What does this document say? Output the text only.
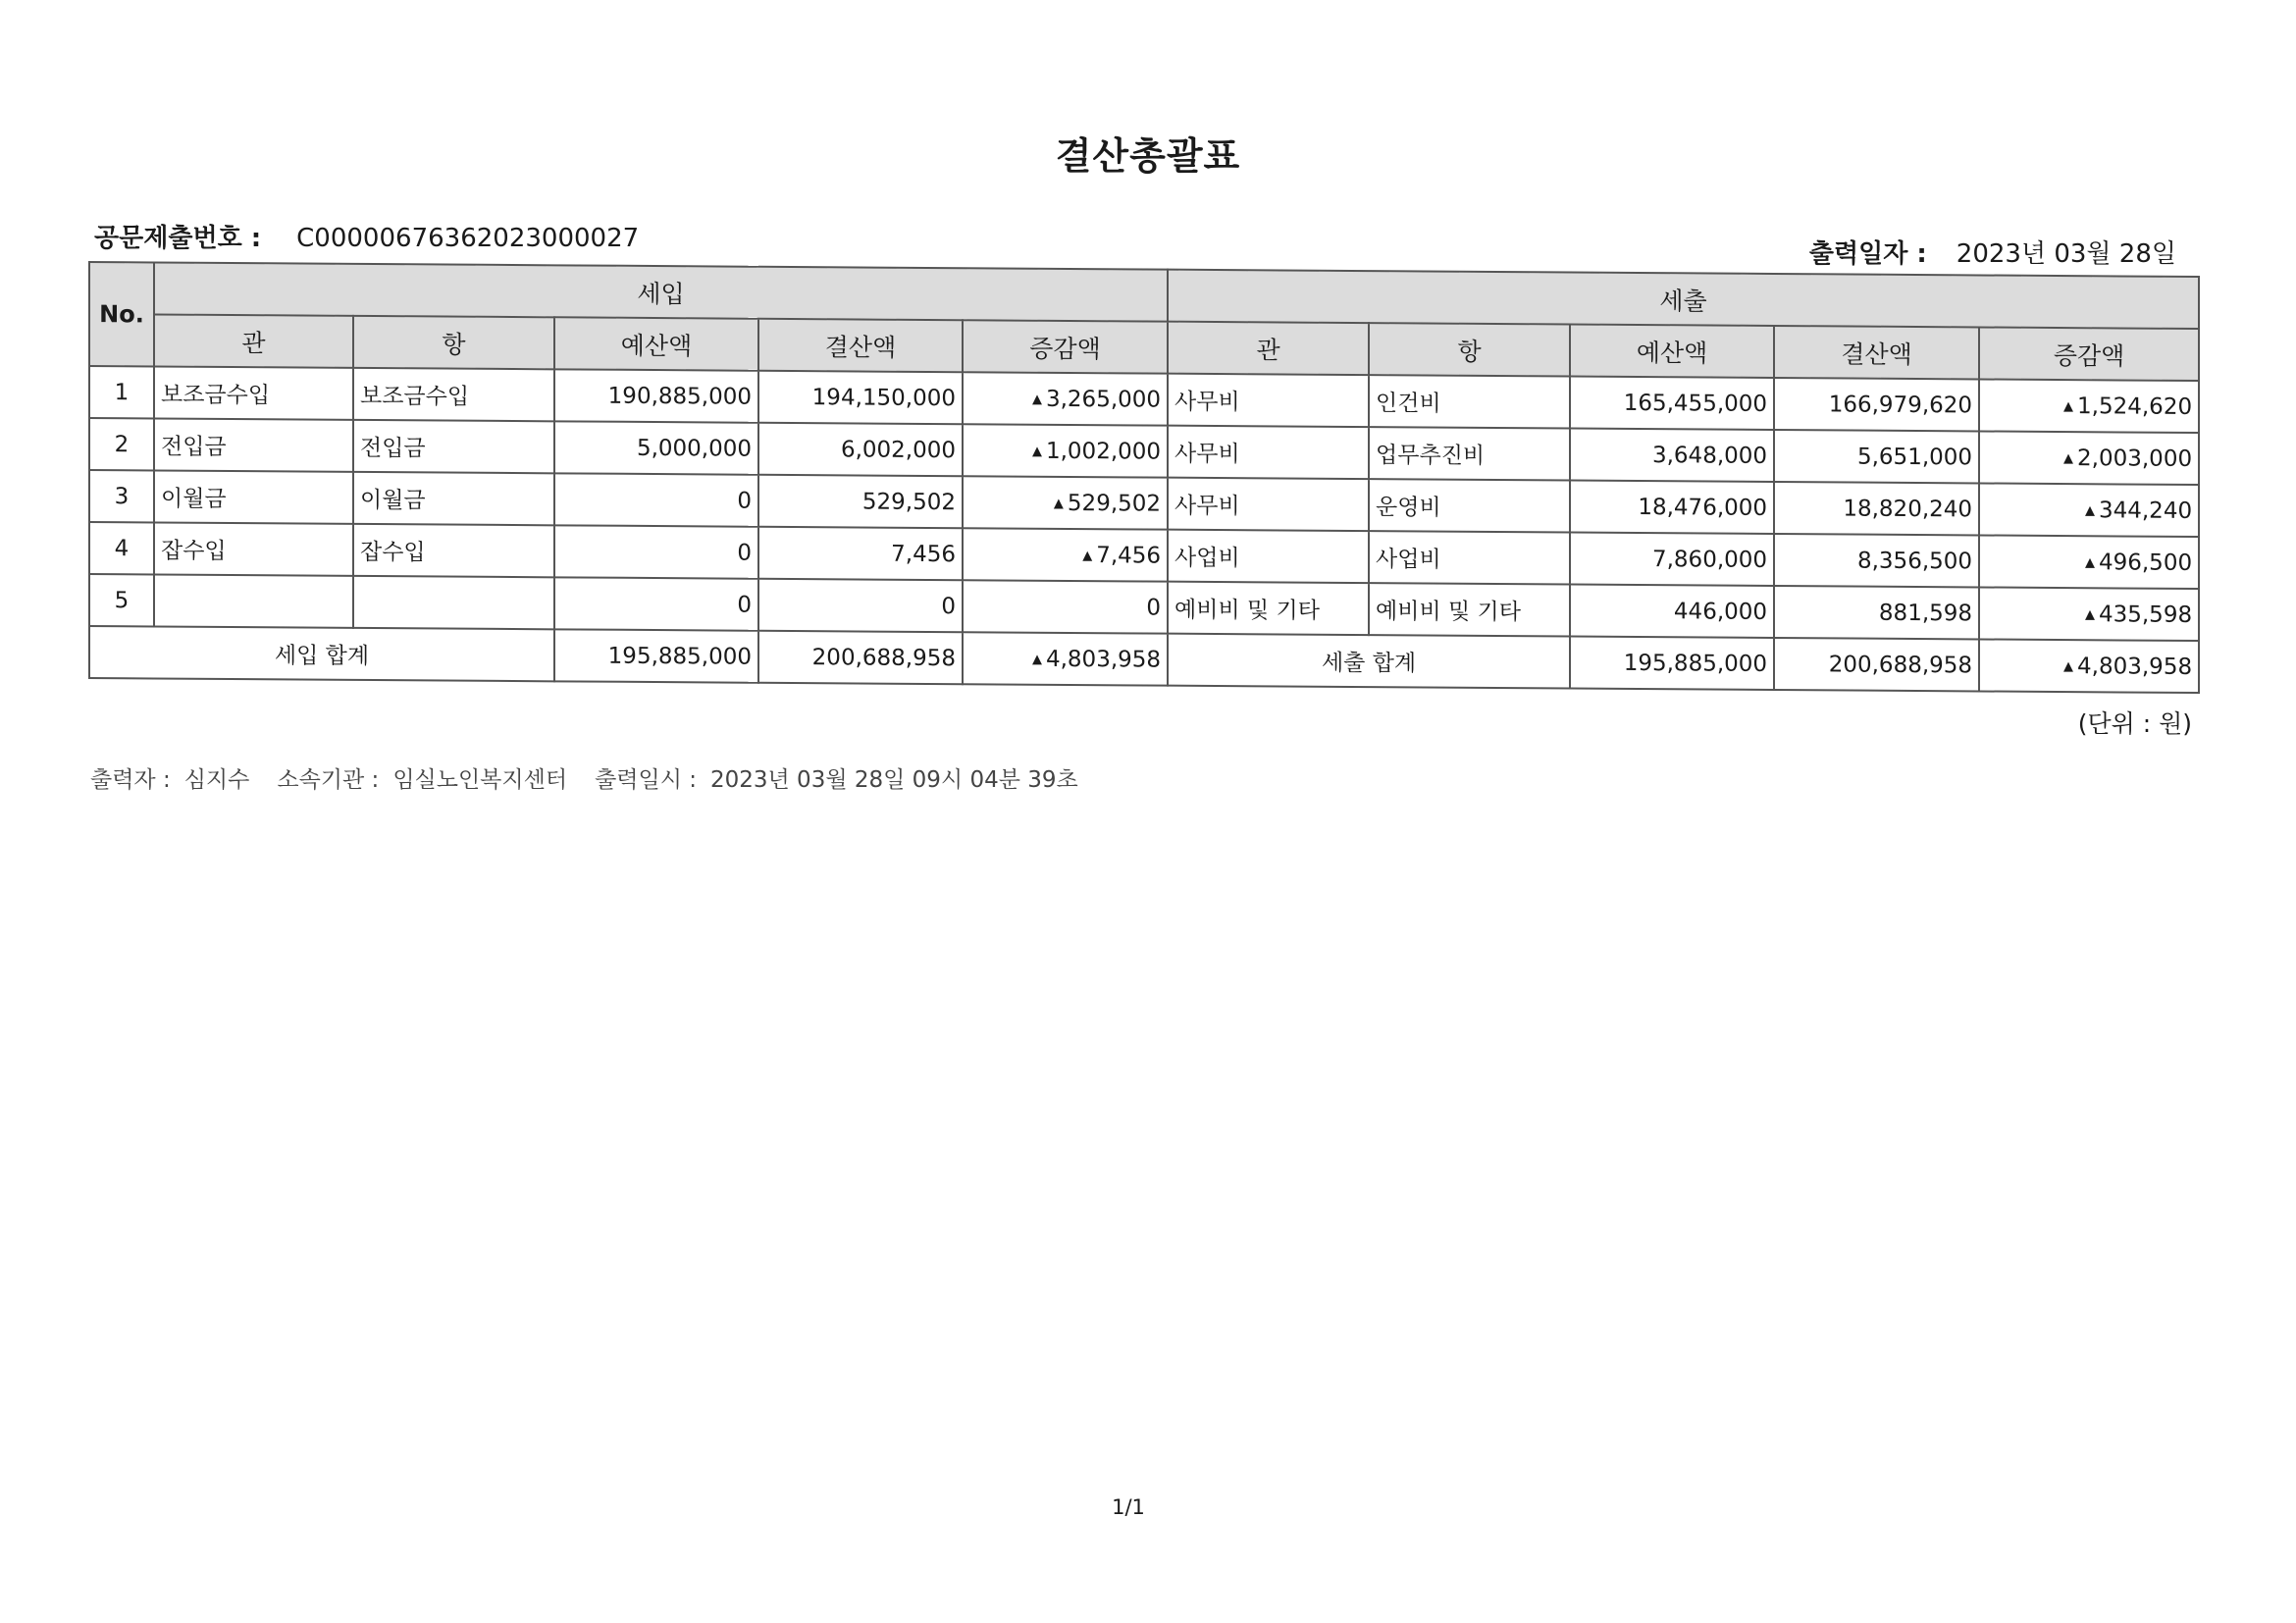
결산총괄표
공문제출번호 : C00000676362023000027
출력일자 : 2023년 03월 28일
No.	세입					세출				
	관	항	예산액	결산액	증감액	관	항	예산액	결산액	증감액
1	보조금수입	보조금수입	190,885,000	194,150,000	▲ 3,265,000	사무비	인건비	165,455,000	166,979,620	▲ 1,524,620
2	전입금	전입금	5,000,000	6,002,000	▲ 1,002,000	사무비	업무추진비	3,648,000	5,651,000	▲ 2,003,000
3	이월금	이월금	0	529,502	▲ 529,502	사무비	운영비	18,476,000	18,820,240	▲ 344,240
4	잡수입	잡수입	0	7,456	▲ 7,456	사업비	사업비	7,860,000	8,356,500	▲ 496,500
5			0	0	0	예비비 및 기타	예비비 및 기타	446,000	881,598	▲ 435,598
세입 합계			195,885,000	200,688,958	▲ 4,803,958	세출 합계		195,885,000	200,688,958	▲ 4,803,958
(단위 : 원)
출력자 : 심지수 소속기관 : 임실노인복지센터 출력일시 : 2023년 03월 28일 09시 04분 39초
1/1
